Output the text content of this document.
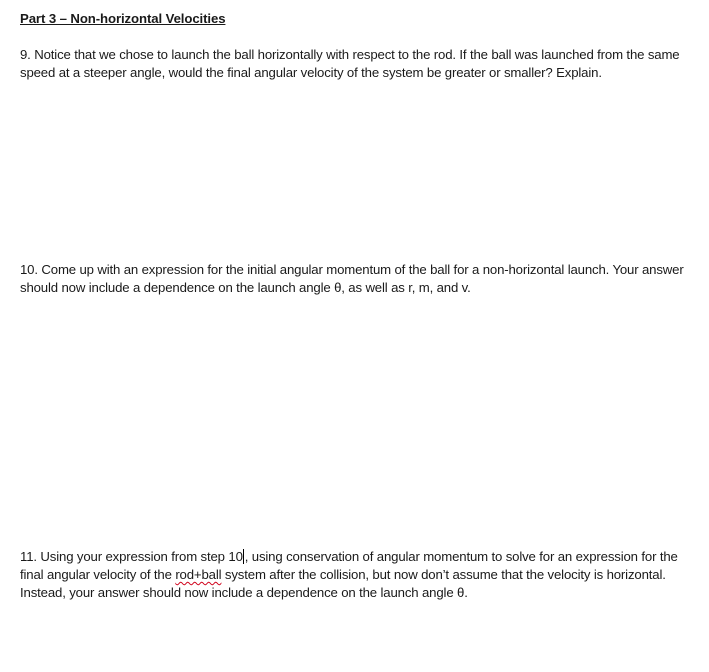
Part 3 – Non-horizontal Velocities

9. Notice that we chose to launch the ball horizontally with respect to the rod. If the ball was launched from the same speed at a steeper angle, would the final angular velocity of the system be greater or smaller? Explain.

10. Come up with an expression for the initial angular momentum of the ball for a non-horizontal launch. Your answer should now include a dependence on the launch angle θ, as well as r, m, and v.

11. Using your expression from step 10 , using conservation of angular momentum to solve for an expression for the final angular velocity of the rod+ball system after the collision, but now don’t assume that the velocity is horizontal. Instead, your answer should now include a dependence on the launch angle θ.
